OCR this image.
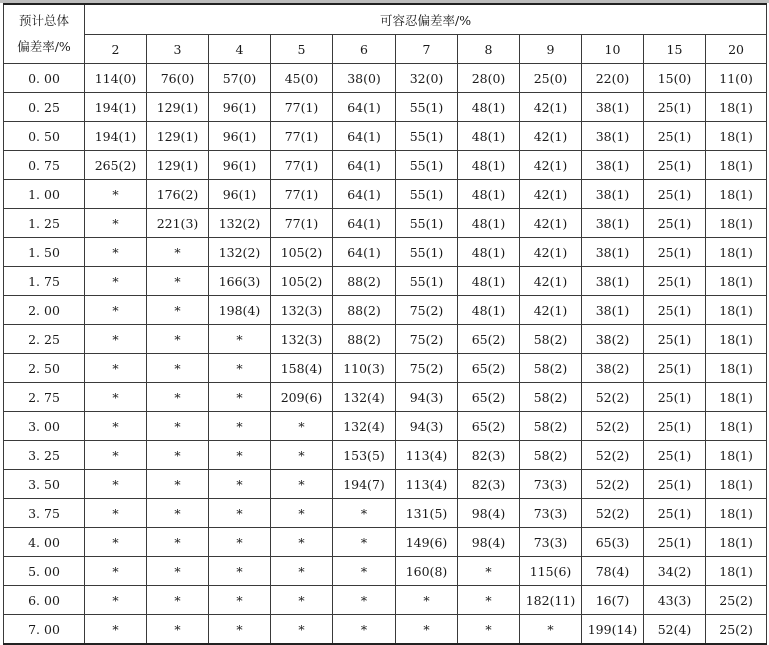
预计总体
偏差率/%	可容忍偏差率/%										
	2	3	4	5	6	7	8	9	10	15	20
0. 00	114(0)	76(0)	57(0)	45(0)	38(0)	32(0)	28(0)	25(0)	22(0)	15(0)	11(0)
0. 25	194(1)	129(1)	96(1)	77(1)	64(1)	55(1)	48(1)	42(1)	38(1)	25(1)	18(1)
0. 50	194(1)	129(1)	96(1)	77(1)	64(1)	55(1)	48(1)	42(1)	38(1)	25(1)	18(1)
0. 75	265(2)	129(1)	96(1)	77(1)	64(1)	55(1)	48(1)	42(1)	38(1)	25(1)	18(1)
1. 00	*	176(2)	96(1)	77(1)	64(1)	55(1)	48(1)	42(1)	38(1)	25(1)	18(1)
1. 25	*	221(3)	132(2)	77(1)	64(1)	55(1)	48(1)	42(1)	38(1)	25(1)	18(1)
1. 50	*	*	132(2)	105(2)	64(1)	55(1)	48(1)	42(1)	38(1)	25(1)	18(1)
1. 75	*	*	166(3)	105(2)	88(2)	55(1)	48(1)	42(1)	38(1)	25(1)	18(1)
2. 00	*	*	198(4)	132(3)	88(2)	75(2)	48(1)	42(1)	38(1)	25(1)	18(1)
2. 25	*	*	*	132(3)	88(2)	75(2)	65(2)	58(2)	38(2)	25(1)	18(1)
2. 50	*	*	*	158(4)	110(3)	75(2)	65(2)	58(2)	38(2)	25(1)	18(1)
2. 75	*	*	*	209(6)	132(4)	94(3)	65(2)	58(2)	52(2)	25(1)	18(1)
3. 00	*	*	*	*	132(4)	94(3)	65(2)	58(2)	52(2)	25(1)	18(1)
3. 25	*	*	*	*	153(5)	113(4)	82(3)	58(2)	52(2)	25(1)	18(1)
3. 50	*	*	*	*	194(7)	113(4)	82(3)	73(3)	52(2)	25(1)	18(1)
3. 75	*	*	*	*	*	131(5)	98(4)	73(3)	52(2)	25(1)	18(1)
4. 00	*	*	*	*	*	149(6)	98(4)	73(3)	65(3)	25(1)	18(1)
5. 00	*	*	*	*	*	160(8)	*	115(6)	78(4)	34(2)	18(1)
6. 00	*	*	*	*	*	*	*	182(11)	16(7)	43(3)	25(2)
7. 00	*	*	*	*	*	*	*	*	199(14)	52(4)	25(2)
